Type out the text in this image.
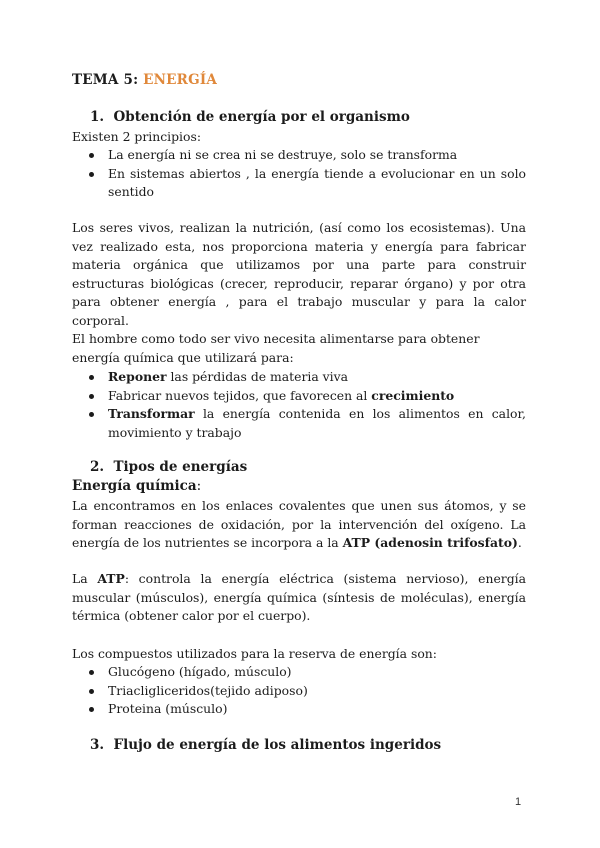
TEMA 5: ENERGÍA
1. Obtención de energía por el organismo

Existen 2 principios:

La energía ni se crea ni se destruye, solo se transforma
En sistemas abiertos , la energía tiende a evolucionar en un solo sentido

Los seres vivos, realizan la nutrición, (así como los ecosistemas). Una vez realizado esta, nos proporciona materia y energía para fabricar materia orgánica que utilizamos por una parte para construir estructuras biológicas (crecer, reproducir, reparar órgano) y por otra para obtener energía , para el trabajo muscular y para la calor corporal.

El hombre como todo ser vivo necesita alimentarse para obtener energía química que utilizará para:

Reponer las pérdidas de materia viva
Fabricar nuevos tejidos, que favorecen al crecimiento
Transformar la energía contenida en los alimentos en calor, movimiento y trabajo
2. Tipos de energías
Energía química:

La encontramos en los enlaces covalentes que unen sus átomos, y se forman reacciones de oxidación, por la intervención del oxígeno. La energía de los nutrientes se incorpora a la ATP (adenosin trifosfato).

La ATP: controla la energía eléctrica (sistema nervioso), energía muscular (músculos), energía química (síntesis de moléculas), energía térmica (obtener calor por el cuerpo).

Los compuestos utilizados para la reserva de energía son:

Glucógeno (hígado, músculo)
Triacligliceridos(tejido adiposo)
Proteina (músculo)
3. Flujo de energía de los alimentos ingeridos
1
